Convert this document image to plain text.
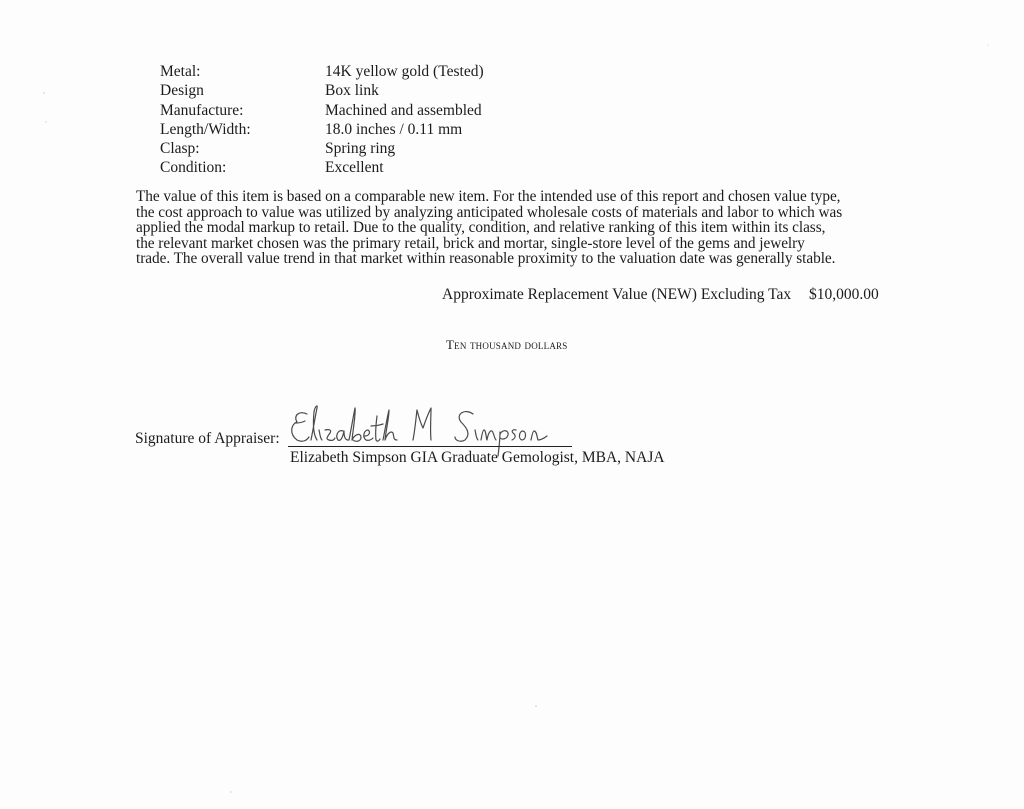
Metal:	14K yellow gold (Tested)
Design	Box link
Manufacture:	Machined and assembled
Length/Width:	18.0 inches / 0.11 mm
Clasp:	Spring ring
Condition:	Excellent

The value of this item is based on a comparable new item. For the intended use of this report and chosen value type,
the cost approach to value was utilized by analyzing anticipated wholesale costs of materials and labor to which was
applied the modal markup to retail. Due to the quality, condition, and relative ranking of this item within its class,
the relevant market chosen was the primary retail, brick and mortar, single-store level of the gems and jewelry
trade. The overall value trend in that market within reasonable proximity to the valuation date was generally stable.

Approximate Replacement Value (NEW) Excluding Tax $10,000.00
Ten thousand dollars
Signature of Appraiser:
Elizabeth Simpson GIA Graduate Gemologist, MBA, NAJA
